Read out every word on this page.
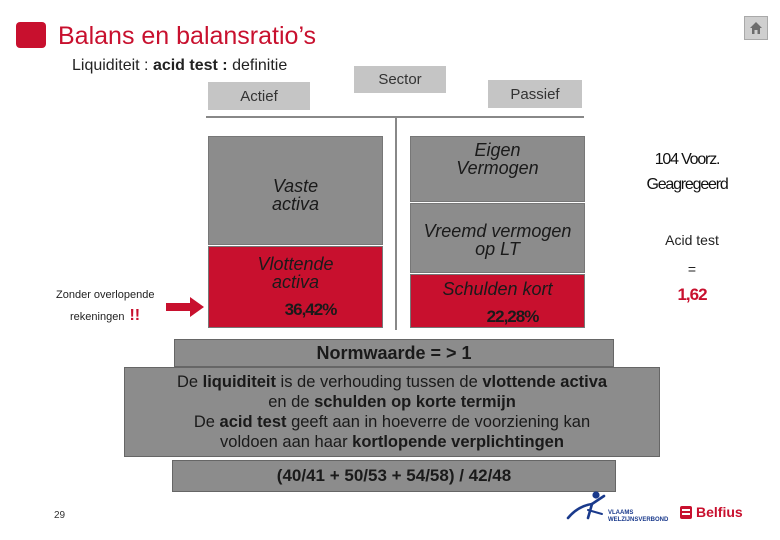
Balans en balansratio’s
Liquiditeit : acid test : definitie
Actief
Sector
Passief
Vaste
activa
Vlottende
activa
36,42%
Eigen
Vermogen
Vreemd vermogen
op LT
Schulden kort
22,28%
104 Voorz.
Geagregeerd
Acid test
=
1,62
Zonder overlopende
rekeningen !!
Normwaarde = > 1
De liquiditeit is de verhouding tussen de vlottende activa
en de schulden op korte termijn
De acid test geeft aan in hoeverre de voorziening kan
voldoen aan haar kortlopende verplichtingen
(40/41 + 50/53 + 54/58) / 42/48
29	VLAAMS
WELZIJNSVERBOND Belfius
